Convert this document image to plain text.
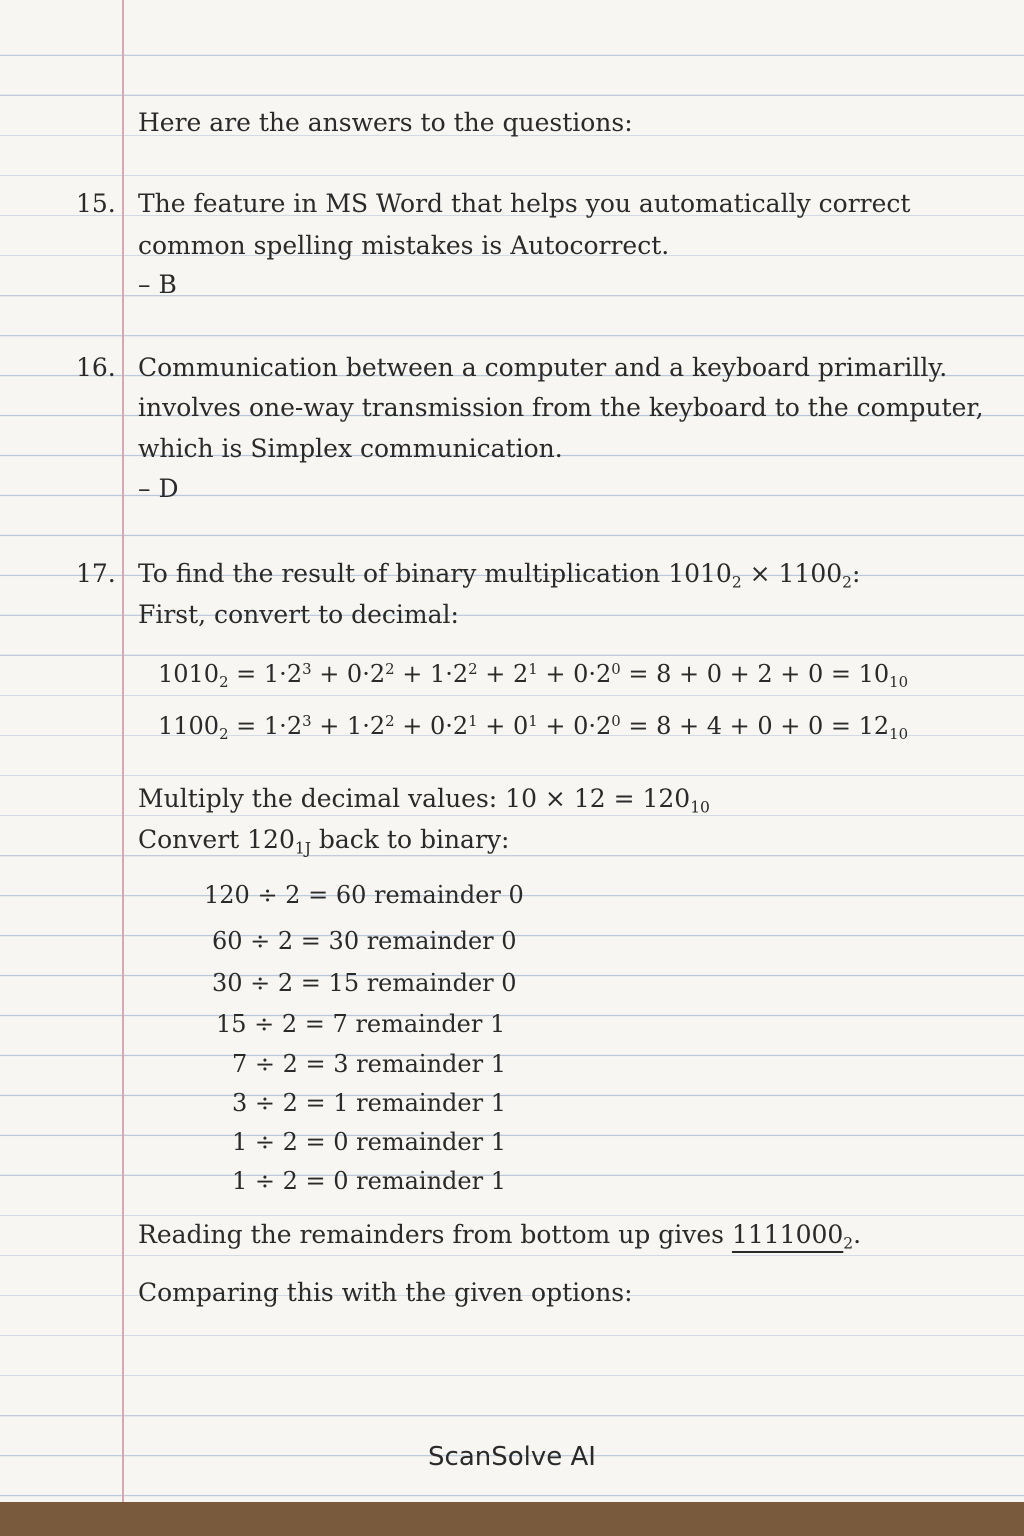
Here are the answers to the questions:
15. The feature in MS Word that helps you automatically correct
common spelling mistakes is Autocorrect.
– B
16. Communication between a computer and a keyboard primarilly.
involves one-way transmission from the keyboard to the computer,
which is Simplex communication.
– D
17. To find the result of binary multiplication $1010_2 \times 1100_2$:
First, convert to decimal:
$1010_2 = 1\cdot 2^3 + 0\cdot 2^2 + 1\cdot 2^2 + 2^1 + 0\cdot 2^0 = 8 + 0 + 2 + 0 = 10_{10}$
$1100_2 = 1\cdot 2^3 + 1\cdot 2^2 + 0\cdot 2^1 + 0^1 + 0\cdot 2^0 = 8 + 4 + 0 + 0 = 12_{10}$
Multiply the decimal values: $10 \times 12 = 120_{10}$
Convert $120_{1J}$ back to binary:
120 ÷ 2 = 60 remainder 0
60 ÷ 2 = 30 remainder 0
30 ÷ 2 = 15 remainder 0
15 ÷ 2 = 7 remainder 1
7 ÷ 2 = 3 remainder 1
3 ÷ 2 = 1 remainder 1
1 ÷ 2 = 0 remainder 1
1 ÷ 2 = 0 remainder 1
Reading the remainders from bottom up gives $1111000_2$.
Comparing this with the given options:
ScanSolve AI
